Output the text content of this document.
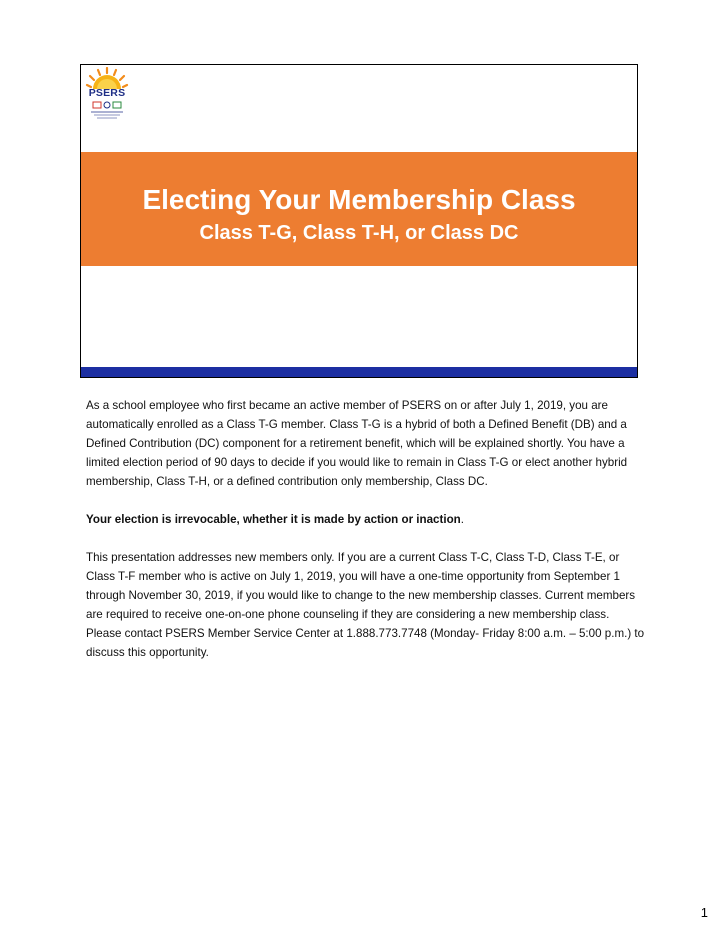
PSERS
Electing Your Membership Class
Class T-G, Class T-H, or Class DC

As a school employee who first became an active member of PSERS on or after July 1, 2019, you are automatically enrolled as a Class T-G member. Class T-G is a hybrid of both a Defined Benefit (DB) and a Defined Contribution (DC) component for a retirement benefit, which will be explained shortly. You have a limited election period of 90 days to decide if you would like to remain in Class T-G or elect another hybrid membership, Class T-H, or a defined contribution only membership, Class DC.

Your election is irrevocable, whether it is made by action or inaction.

This presentation addresses new members only. If you are a current Class T-C, Class T-D, Class T-E, or Class T-F member who is active on July 1, 2019, you will have a one-time opportunity from September 1 through November 30, 2019, if you would like to change to the new membership classes. Current members are required to receive one-on-one phone counseling if they are considering a new membership class. Please contact PSERS Member Service Center at 1.888.773.7748 (Monday- Friday 8:00 a.m. – 5:00 p.m.) to discuss this opportunity.

1
